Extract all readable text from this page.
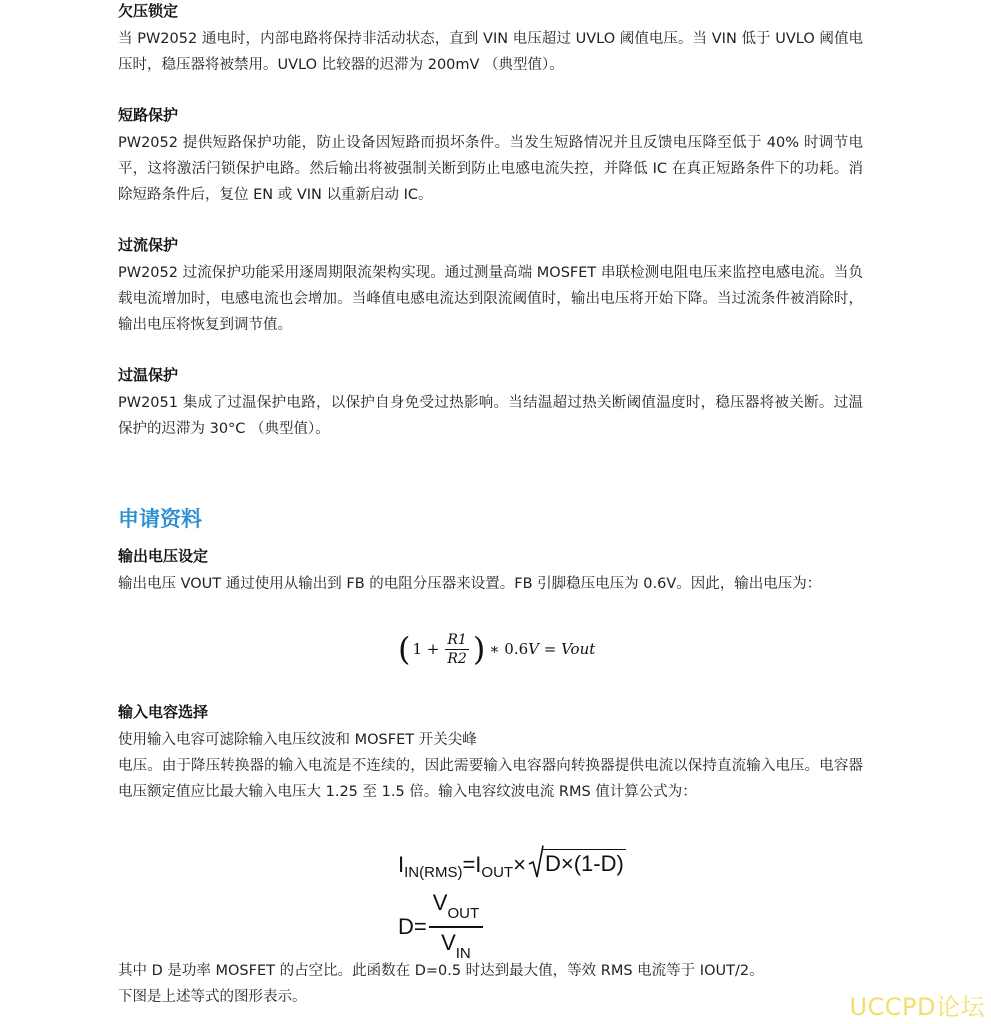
欠压锁定

当 PW2052 通电时，内部电路将保持非活动状态，直到 VIN 电压超过 UVLO 阈值电压。当 VIN 低于 UVLO 阈值电压时，稳压器将被禁用。UVLO 比较器的迟滞为 200mV （典型值）。

短路保护

PW2052 提供短路保护功能，防止设备因短路而损坏条件。当发生短路情况并且反馈电压降至低于 40% 时调节电平，这将激活闩锁保护电路。然后输出将被强制关断到防止电感电流失控，并降低 IC 在真正短路条件下的功耗。消除短路条件后，复位 EN 或 VIN 以重新启动 IC。

过流保护

PW2052 过流保护功能采用逐周期限流架构实现。通过测量高端 MOSFET 串联检测电阻电压来监控电感电流。当负载电流增加时，电感电流也会增加。当峰值电感电流达到限流阈值时，输出电压将开始下降。当过流条件被消除时，输出电压将恢复到调节值。

过温保护

PW2051 集成了过温保护电路，以保护自身免受过热影响。当结温超过热关断阈值温度时，稳压器将被关断。过温保护的迟滞为 30°C （典型值）。

申请资料

输出电压设定

输出电压 VOUT 通过使用从输出到 FB 的电阻分压器来设置。FB 引脚稳压电压为 0.6V。因此，输出电压为：

( $1 + \frac{R1}{R2}$ ) ∗ 0.6 V = Vout

输入电容选择

使用输入电容可滤除输入电压纹波和 MOSFET 开关尖峰

电压。由于降压转换器的输入电流是不连续的，因此需要输入电容器向转换器提供电流以保持直流输入电压。电容器电压额定值应比最大输入电压大 1.25 至 1.5 倍。输入电容纹波电流 RMS 值计算公式为：

$I_{IN(RMS)} =I_{OUT} \times D\times(1-D)$
D=
$V_{OUT}$
$V_{IN}$

其中 D 是功率 MOSFET 的占空比。此函数在 D=0.5 时达到最大值，等效 RMS 电流等于 IOUT/2。

下图是上述等式的图形表示。	UCCPD论坛
